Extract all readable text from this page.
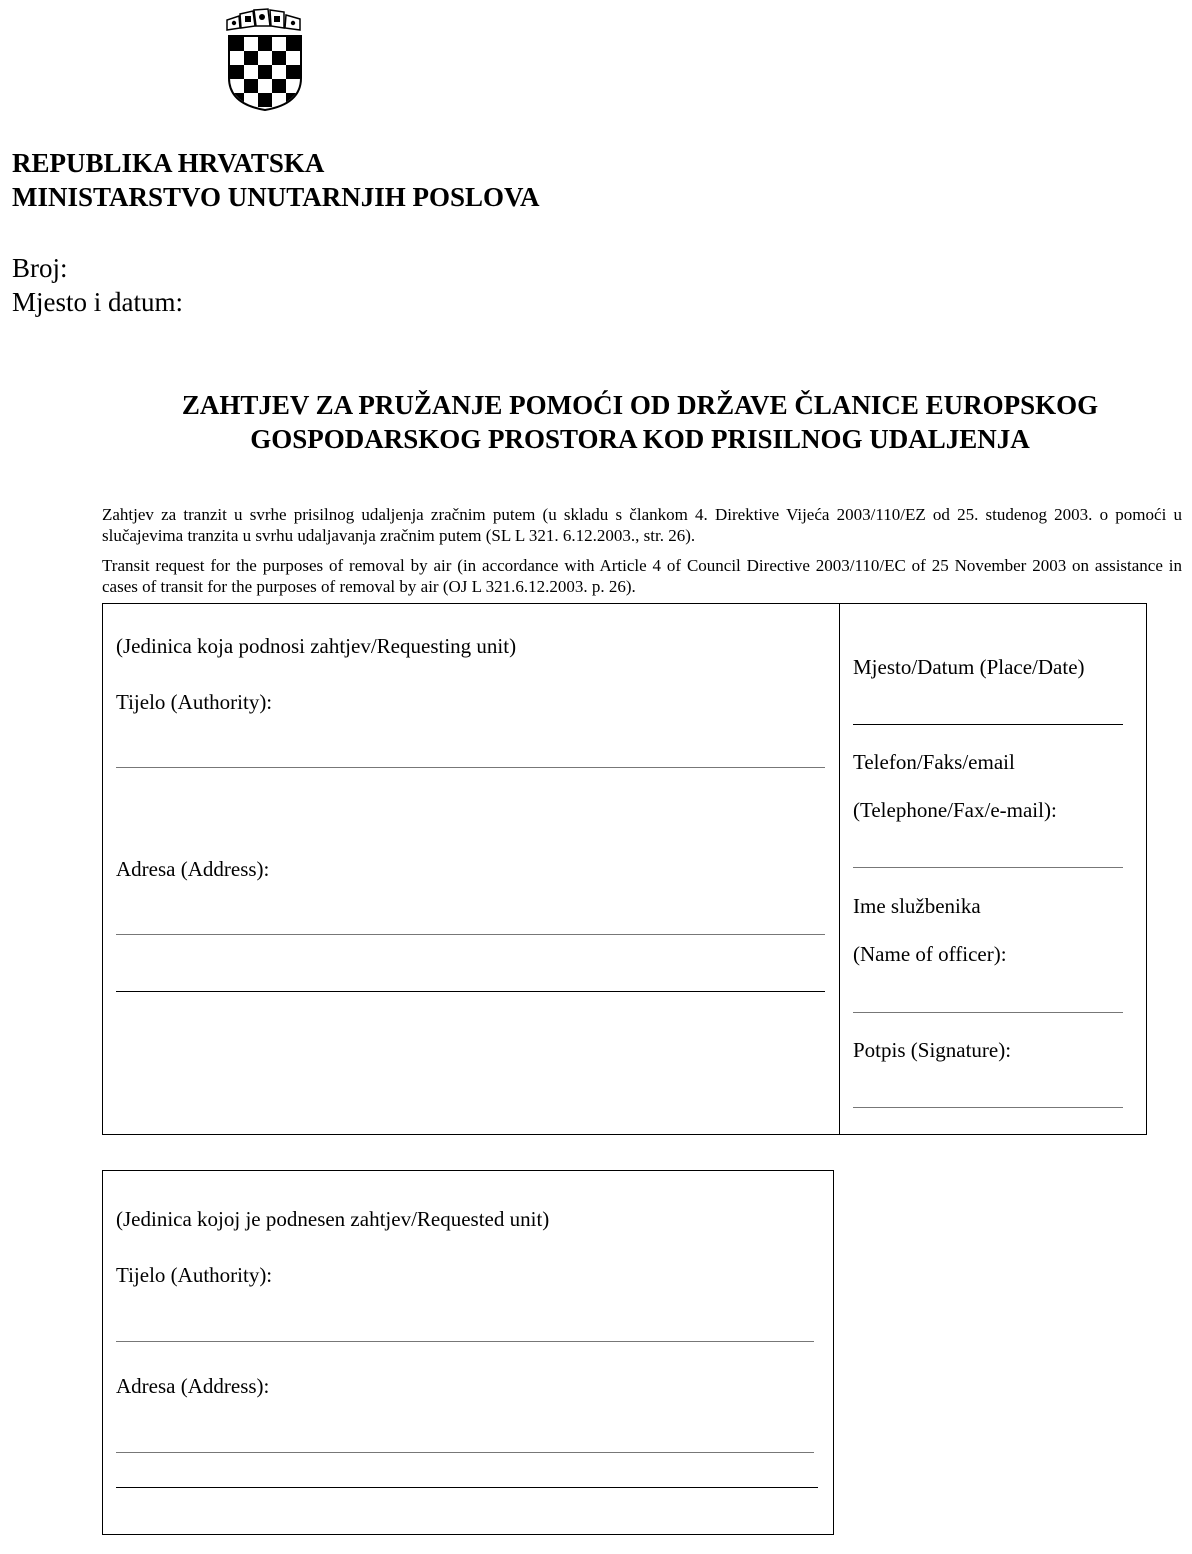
REPUBLIKA HRVATSKA
MINISTARSTVO UNUTARNJIH POSLOVA
Broj:
Mjesto i datum:
ZAHTJEV ZA PRUŽANJE POMOĆI OD DRŽAVE ČLANICE EUROPSKOG
GOSPODARSKOG PROSTORA KOD PRISILNOG UDALJENJA
Zahtjev za tranzit u svrhe prisilnog udaljenja zračnim putem (u skladu s člankom 4. Direktive Vijeća 2003/110/EZ od 25. studenog 2003. o pomoći u slučajevima tranzita u svrhu udaljavanja zračnim putem (SL L 321. 6.12.2003., str. 26).
Transit request for the purposes of removal by air (in accordance with Article 4 of Council Directive 2003/110/EC of 25 November 2003 on assistance in cases of transit for the purposes of removal by air (OJ L 321.6.12.2003. p. 26).
(Jedinica koja podnosi zahtjev/Requesting unit)
Tijelo (Authority):
Adresa (Address):
Mjesto/Datum (Place/Date)
Telefon/Faks/email
(Telephone/Fax/e-mail):
Ime službenika
(Name of officer):
Potpis (Signature):
(Jedinica kojoj je podnesen zahtjev/Requested unit)
Tijelo (Authority):
Adresa (Address):
